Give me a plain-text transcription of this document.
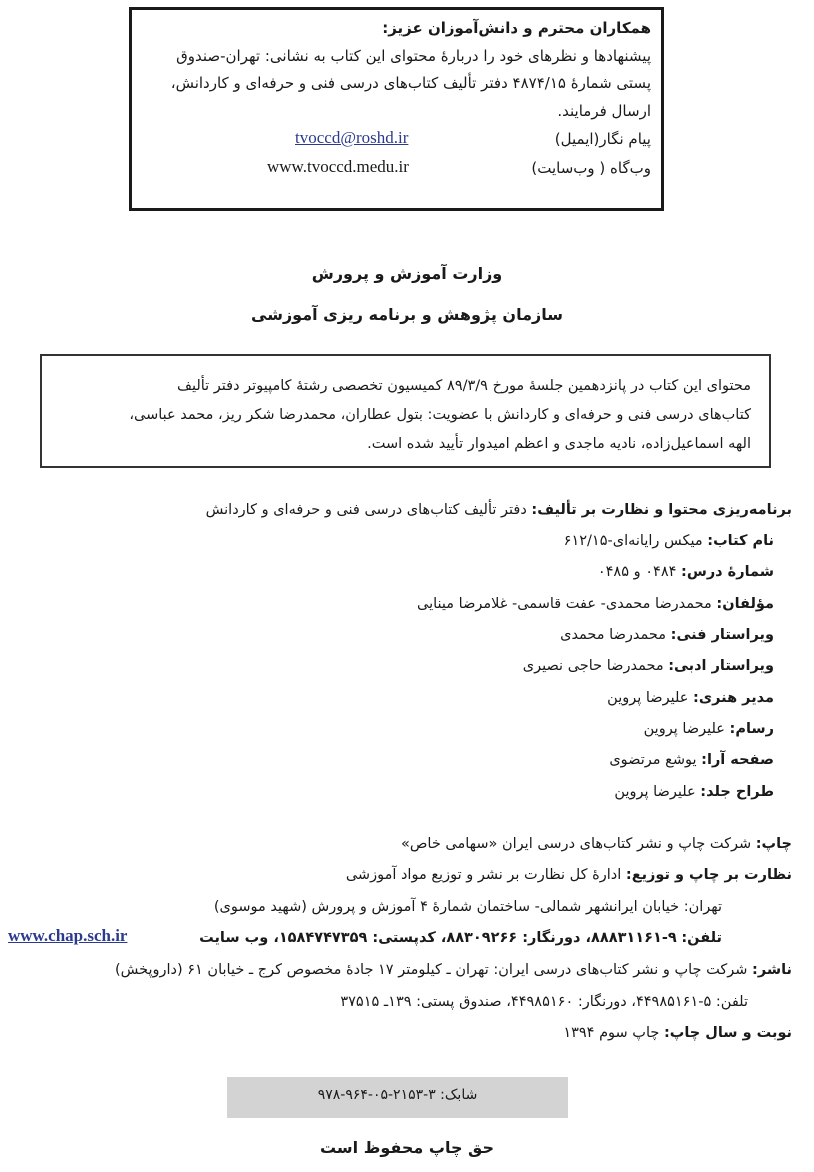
همکاران محترم و دانش‌آموزان عزیز:
پیشنهادها و نظرهای خود را دربارهٔ محتوای این کتاب به نشانی: تهران-صندوق
پستی شمارهٔ ۴۸۷۴/۱۵ دفتر تألیف کتاب‌های درسی فنی و حرفه‌ای و کاردانش،
ارسال فرمایند.
پیام نگار(ایمیل)
tvoccd@roshd.ir
وب‌گاه ( وب‌سایت)
www.tvoccd.medu.ir
وزارت آموزش و پرورش
سازمان پژوهش و برنامه ریزی آموزشی
محتوای این کتاب در پانزدهمین جلسهٔ مورخ ۸۹/۳/۹ کمیسیون تخصصی رشتهٔ کامپیوتر دفتر تألیف
کتاب‌های درسی فنی و حرفه‌ای و کاردانش با عضویت: بتول عطاران، محمدرضا شکر ریز، محمد عباسی،
الهه اسماعیل‌زاده، نادیه ماجدی و اعظم امیدوار تأیید شده است.
برنامه‌ریزی محتوا و نظارت بر تألیف: دفتر تألیف کتاب‌های درسی فنی و حرفه‌ای و کاردانش
نام کتاب: میکس رایانه‌ای-۶۱۲/۱۵
شمارهٔ درس: ۰۴۸۴ و ۰۴۸۵
مؤلفان: محمدرضا محمدی- عفت قاسمی- غلامرضا مینایی
ویراستار فنی: محمدرضا محمدی
ویراستار ادبی: محمدرضا حاجی نصیری
مدیر هنری: علیرضا پروین
رسام: علیرضا پروین
صفحه آرا: یوشع مرتضوی
طراح جلد: علیرضا پروین
چاپ: شرکت چاپ و نشر کتاب‌های درسی ایران «سهامی خاص»
نظارت بر چاپ و توزیع: ادارهٔ کل نظارت بر نشر و توزیع مواد آموزشی
تهران: خیابان ایرانشهر شمالی- ساختمان شمارهٔ ۴ آموزش و پرورش (شهید موسوی)
تلفن: ۹-۸۸۸۳۱۱۶۱، دورنگار: ۸۸۳۰۹۲۶۶، کدپستی: ۱۵۸۴۷۴۷۳۵۹، وب سایت
www.chap.sch.ir
ناشر: شرکت چاپ و نشر کتاب‌های درسی ایران: تهران ـ کیلومتر ۱۷ جادهٔ مخصوص کرج ـ خیابان ۶۱ (داروپخش)
تلفن: ۵-۴۴۹۸۵۱۶۱، دورنگار: ۴۴۹۸۵۱۶۰، صندوق پستی: ۱۳۹ـ ۳۷۵۱۵
نوبت و سال چاپ: چاپ سوم ۱۳۹۴
شابک: ۳-۲۱۵۳-۰۵-۹۶۴-۹۷۸
حق چاپ محفوظ است
